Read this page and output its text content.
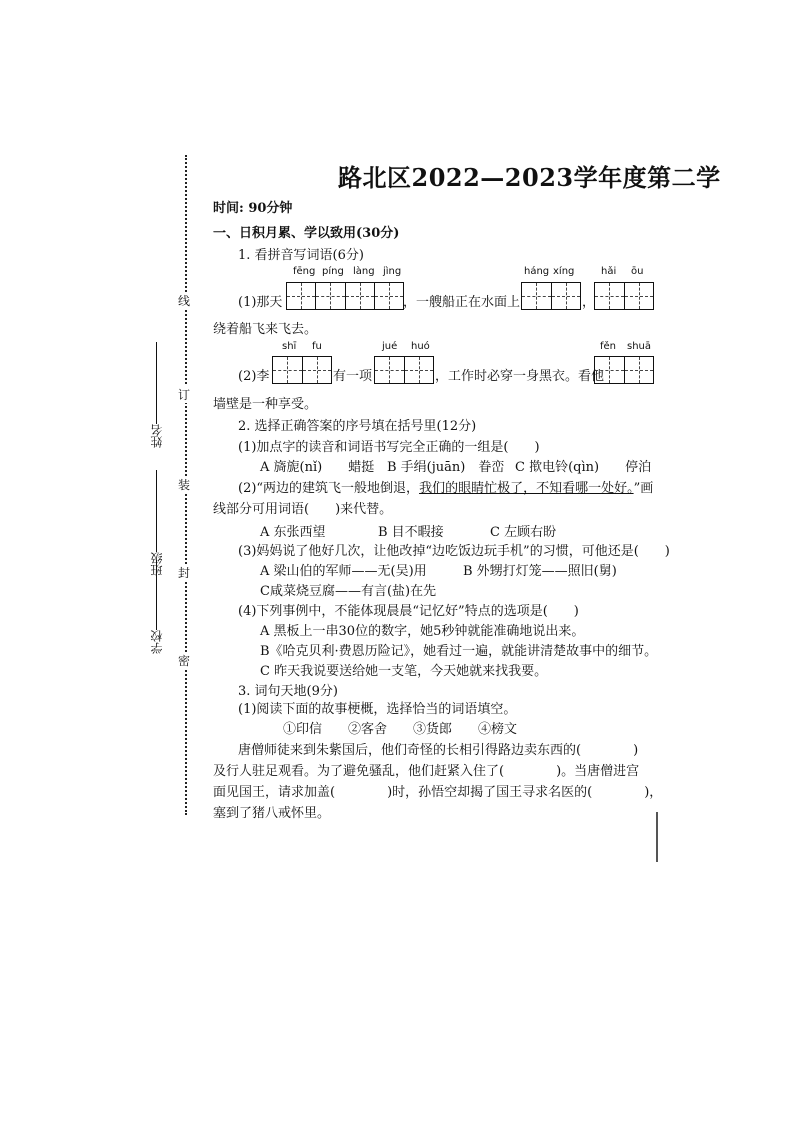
线
订
装
封
密
姓名
班级
学校
路北区2022—2023学年度第二学
时间: 90分钟
一、日积月累、学以致用(30分)
1. 看拼音写词语(6分)
fēng píng làng jìng	háng xíng	hǎi ōu
(1)那天	，一艘船正在水面上	，
绕着船飞来飞去。
shī fu	jué huó	fěn shuā
(2)李	有一项	，工作时必穿一身黑衣。看他
墙壁是一种享受。
2. 选择正确答案的序号填在括号里(12分)
(1)加点字的读音和词语书写完全正确的一组是(　　)
A 旖旎(nǐ)　　蜡挺 B 手绢(juān)　眷峦 C 揿电铃(qìn)　　停泊
(2)“两边的建筑飞一般地倒退，我们的眼睛忙极了，不知看哪一处好。”画
线部分可用词语(　　)来代替。
A 东张西望	B 目不暇接	C 左顾右盼
(3)妈妈说了他好几次，让他改掉“边吃饭边玩手机”的习惯，可他还是(　　)
A 梁山伯的军师——无(吴)用	B 外甥打灯笼——照旧(舅)
C咸菜烧豆腐——有言(盐)在先
(4)下列事例中，不能体现晨晨“记忆好”特点的选项是(　　)
A 黑板上一串30位的数字，她5秒钟就能准确地说出来。
B《哈克贝利·费恩历险记》，她看过一遍，就能讲清楚故事中的细节。
C 昨天我说要送给她一支笔，今天她就来找我要。
3. 词句天地(9分)
(1)阅读下面的故事梗概，选择恰当的词语填空。
①印信　　②客舍　　③货郎　　④榜文
唐僧师徒来到朱紫国后，他们奇怪的长相引得路边卖东西的(　　　　)
及行人驻足观看。为了避免骚乱，他们赶紧入住了(　　　　)。当唐僧进宫
面见国王，请求加盖(　　　　)时，孙悟空却揭了国王寻求名医的(　　　　)，
塞到了猪八戒怀里。
